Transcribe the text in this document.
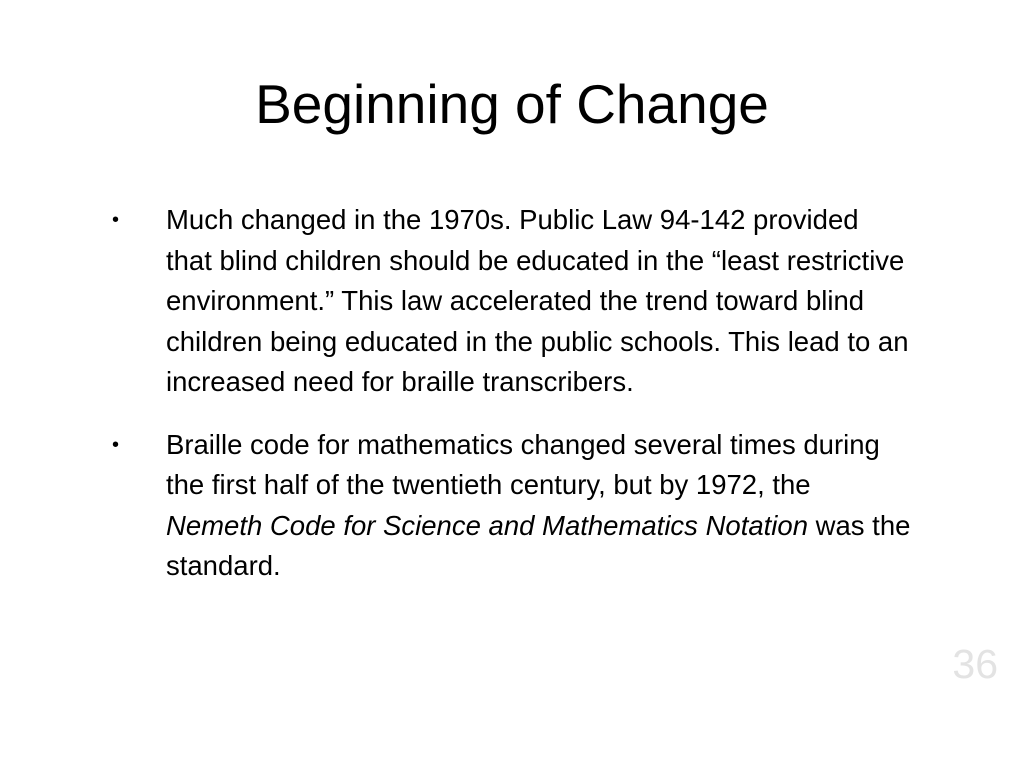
Beginning of Change
• Much changed in the 1970s. Public Law 94-142 provided that blind children should be educated in the “least restrictive environment.” This law accelerated the trend toward blind children being educated in the public schools. This lead to an increased need for braille transcribers.
• Braille code for mathematics changed several times during the first half of the twentieth century, but by 1972, the Nemeth Code for Science and Mathematics Notation was the standard.
36
